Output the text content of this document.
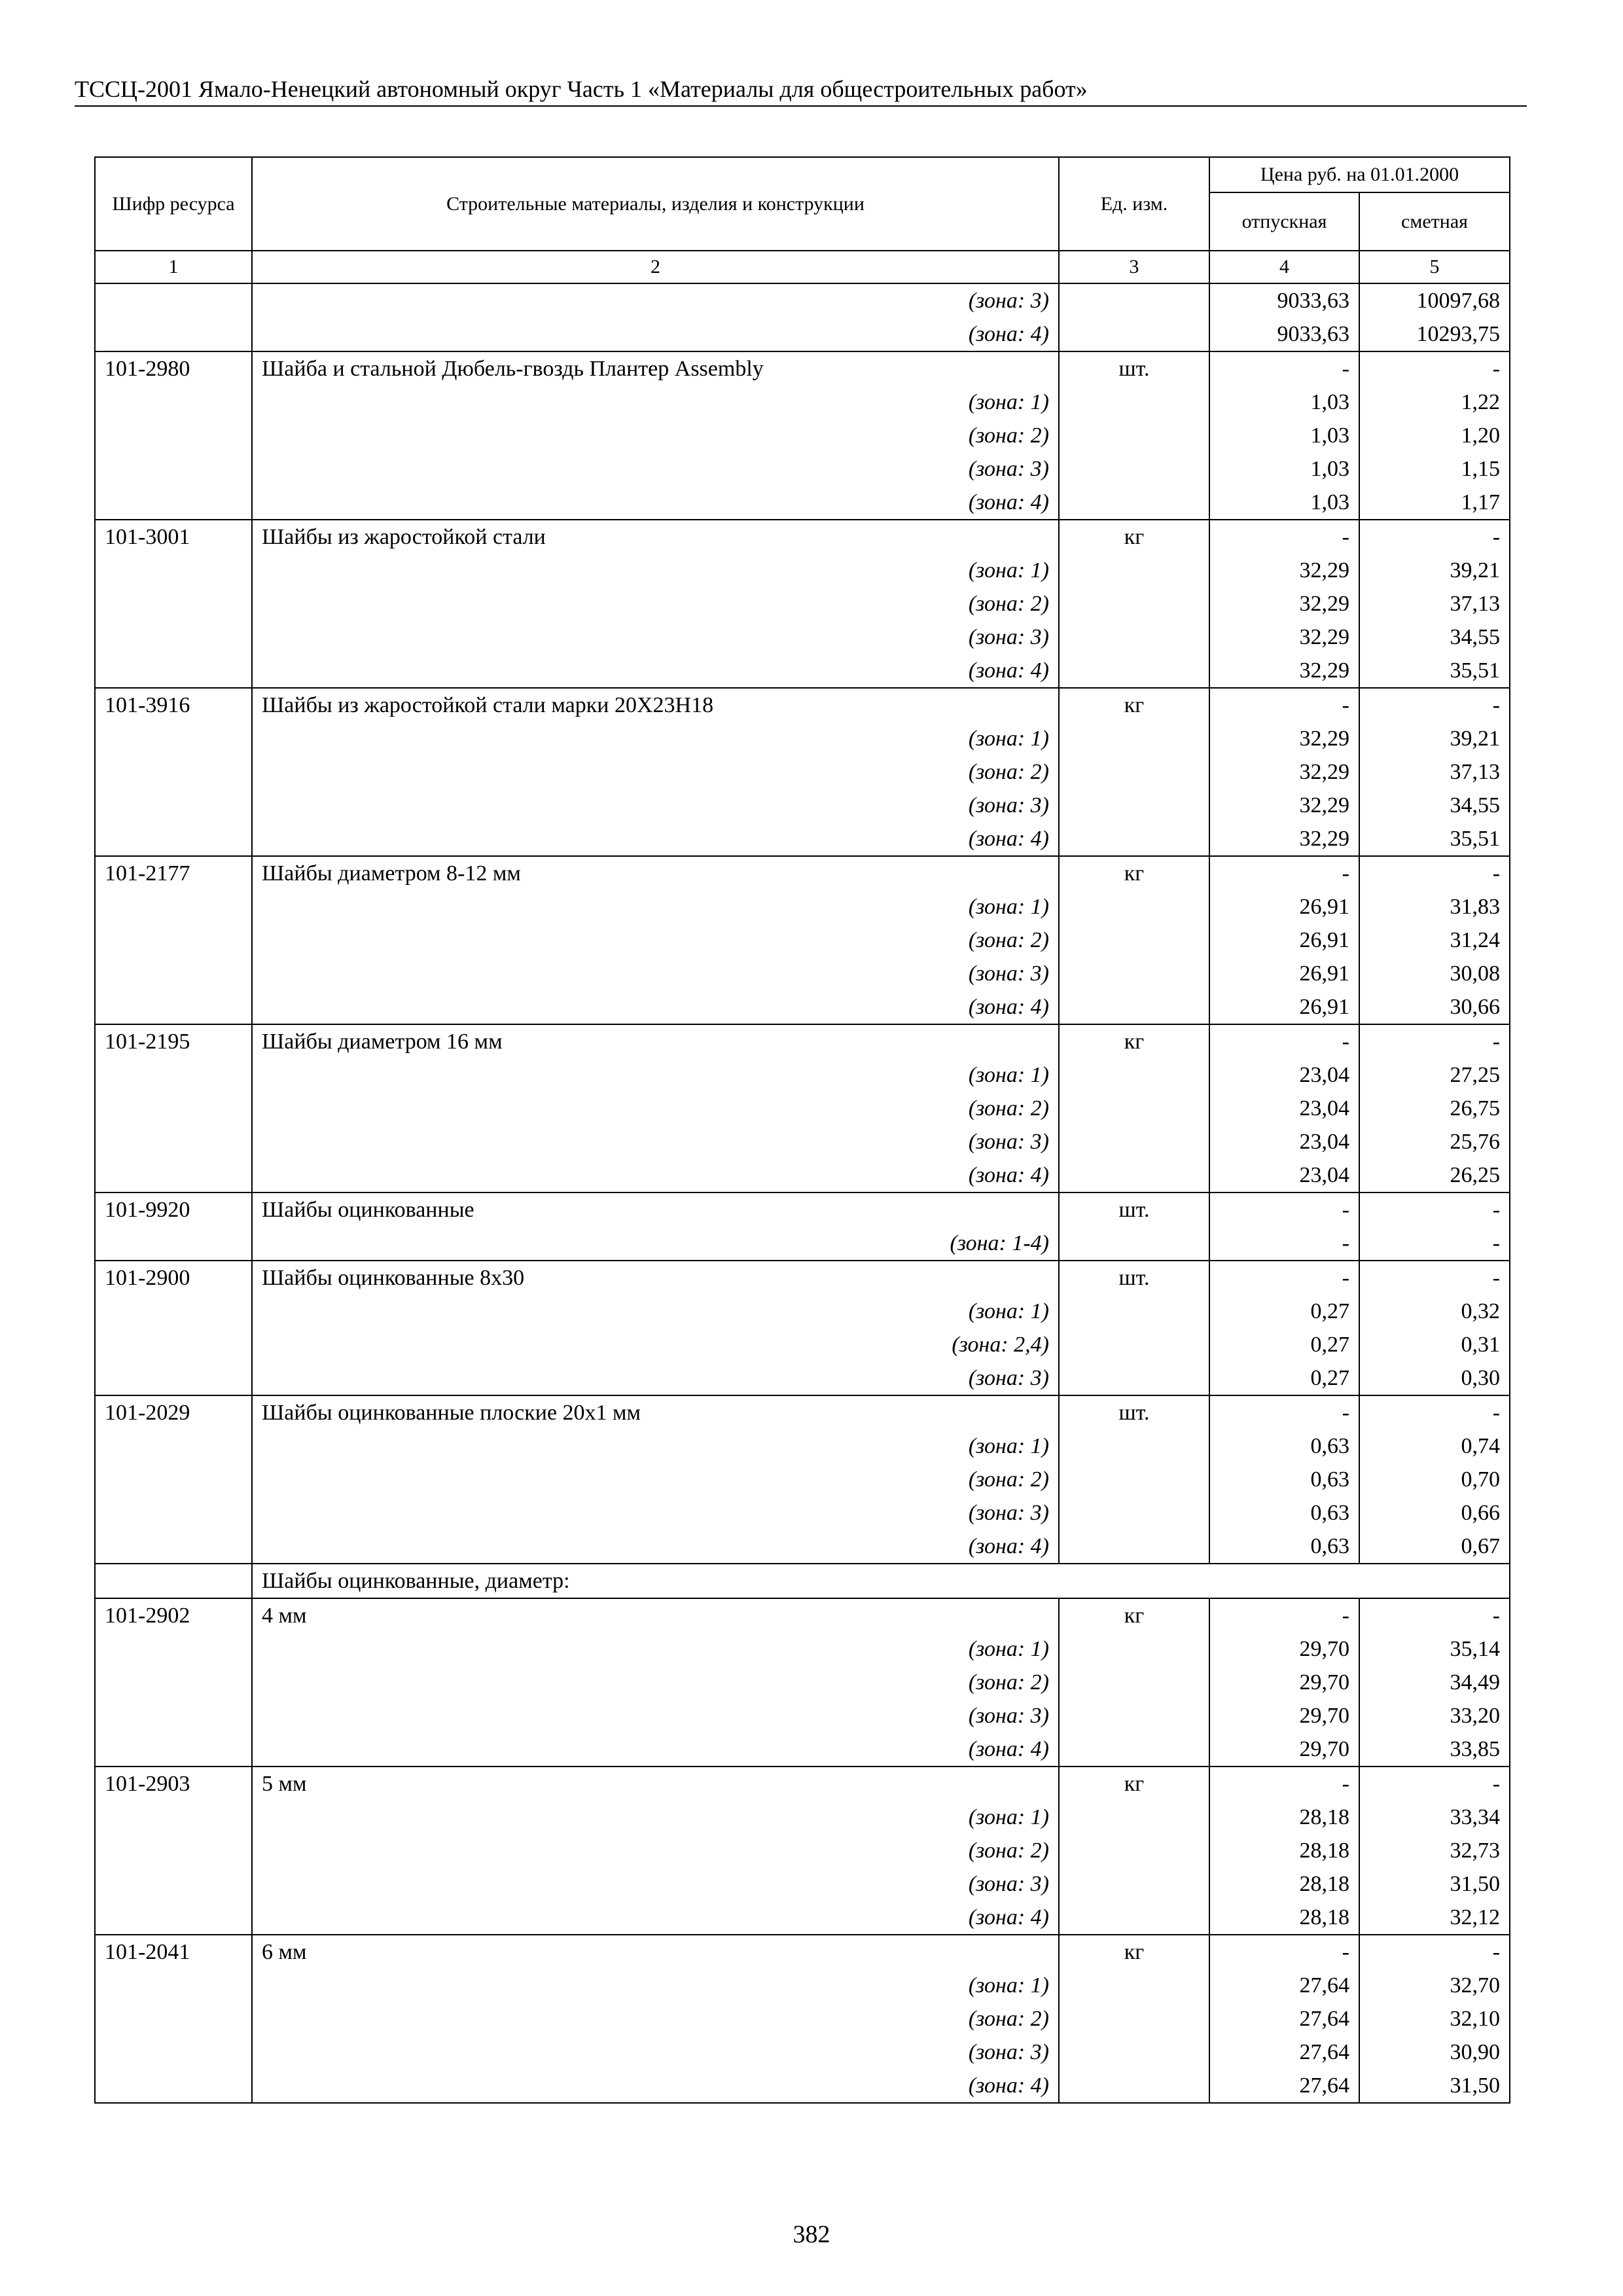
ТССЦ-2001 Ямало-Ненецкий автономный округ Часть 1 «Материалы для общестроительных работ»
Шифр ресурса	Строительные материалы, изделия и конструкции	Ед. изм.	Цена руб. на 01.01.2000	
			отпускная	сметная
1	2	3	4	5
	(зона: 3)		9033,63	10097,68
	(зона: 4)		9033,63	10293,75
101-2980	Шайба и стальной Дюбель-гвоздь Плантер Assembly	шт.	-	-
	(зона: 1)		1,03	1,22
	(зона: 2)		1,03	1,20
	(зона: 3)		1,03	1,15
	(зона: 4)		1,03	1,17
101-3001	Шайбы из жаростойкой стали	кг	-	-
	(зона: 1)		32,29	39,21
	(зона: 2)		32,29	37,13
	(зона: 3)		32,29	34,55
	(зона: 4)		32,29	35,51
101-3916	Шайбы из жаростойкой стали марки 20Х23Н18	кг	-	-
	(зона: 1)		32,29	39,21
	(зона: 2)		32,29	37,13
	(зона: 3)		32,29	34,55
	(зона: 4)		32,29	35,51
101-2177	Шайбы диаметром 8-12 мм	кг	-	-
	(зона: 1)		26,91	31,83
	(зона: 2)		26,91	31,24
	(зона: 3)		26,91	30,08
	(зона: 4)		26,91	30,66
101-2195	Шайбы диаметром 16 мм	кг	-	-
	(зона: 1)		23,04	27,25
	(зона: 2)		23,04	26,75
	(зона: 3)		23,04	25,76
	(зона: 4)		23,04	26,25
101-9920	Шайбы оцинкованные	шт.	-	-
	(зона: 1-4)		-	-
101-2900	Шайбы оцинкованные 8х30	шт.	-	-
	(зона: 1)		0,27	0,32
	(зона: 2,4)		0,27	0,31
	(зона: 3)		0,27	0,30
101-2029	Шайбы оцинкованные плоские 20х1 мм	шт.	-	-
	(зона: 1)		0,63	0,74
	(зона: 2)		0,63	0,70
	(зона: 3)		0,63	0,66
	(зона: 4)		0,63	0,67
	Шайбы оцинкованные, диаметр:			
101-2902	4 мм	кг	-	-
	(зона: 1)		29,70	35,14
	(зона: 2)		29,70	34,49
	(зона: 3)		29,70	33,20
	(зона: 4)		29,70	33,85
101-2903	5 мм	кг	-	-
	(зона: 1)		28,18	33,34
	(зона: 2)		28,18	32,73
	(зона: 3)		28,18	31,50
	(зона: 4)		28,18	32,12
101-2041	6 мм	кг	-	-
	(зона: 1)		27,64	32,70
	(зона: 2)		27,64	32,10
	(зона: 3)		27,64	30,90
	(зона: 4)		27,64	31,50
382
